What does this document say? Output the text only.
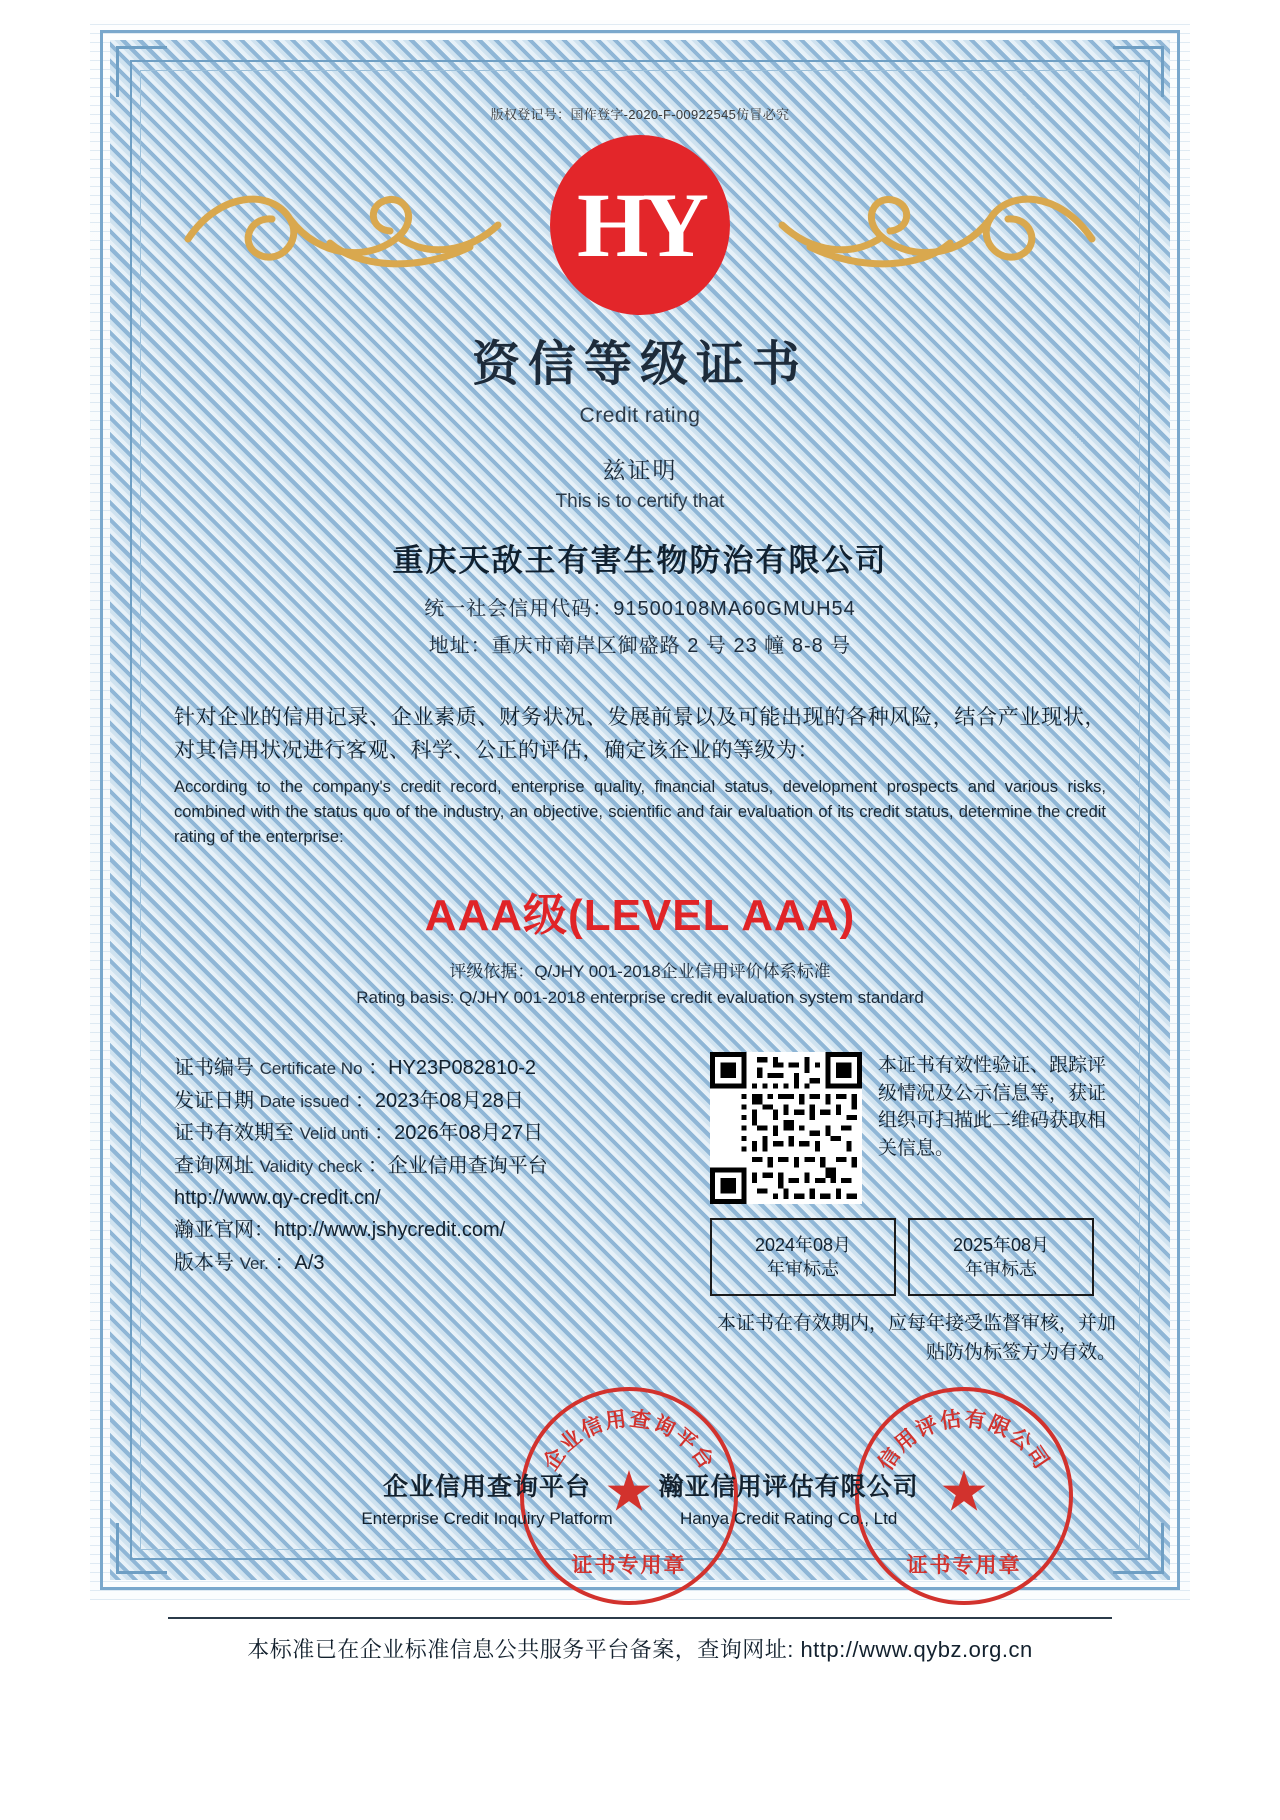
版权登记号：国作登字-2020-F-00922545仿冒必究
HY
资信等级证书
Credit rating
兹证明
This is to certify that
重庆天敌王有害生物防治有限公司
统一社会信用代码：91500108MA60GMUH54
地址：重庆市南岸区御盛路 2 号 23 幢 8-8 号
针对企业的信用记录、企业素质、财务状况、发展前景以及可能出现的各种风险，结合产业现状，对其信用状况进行客观、科学、公正的评估，确定该企业的等级为：
According to the company's credit record, enterprise quality, financial status, development prospects and various risks, combined with the status quo of the industry, an objective, scientific and fair evaluation of its credit status, determine the credit rating of the enterprise:
AAA级(LEVEL AAA)
评级依据：Q/JHY 001-2018企业信用评价体系标准
Rating basis: Q/JHY 001-2018 enterprise credit evaluation system standard
证书编号 Certificate No ：HY23P082810-2
发证日期 Date issued ：2023年08月28日
证书有效期至 Velid unti ：2026年08月27日
查询网址 Validity check ：企业信用查询平台
http://www.qy-credit.cn/
瀚亚官网：http://www.jshycredit.com/
版本号 Ver. ：A/3
本证书有效性验证、跟踪评级情况及公示信息等，获证组织可扫描此二维码获取相关信息。
2024年08月
年审标志
2025年08月
年审标志
本证书在有效期内，应每年接受监督审核，并加贴防伪标签方为有效。
企业信用查询平台
★
证书专用章
信用评估有限公司
★
证书专用章
企业信用查询平台
Enterprise Credit Inquiry Platform
瀚亚信用评估有限公司
Hanya Credit Rating Co., Ltd
本标准已在企业标准信息公共服务平台备案，查询网址: http://www.qybz.org.cn
